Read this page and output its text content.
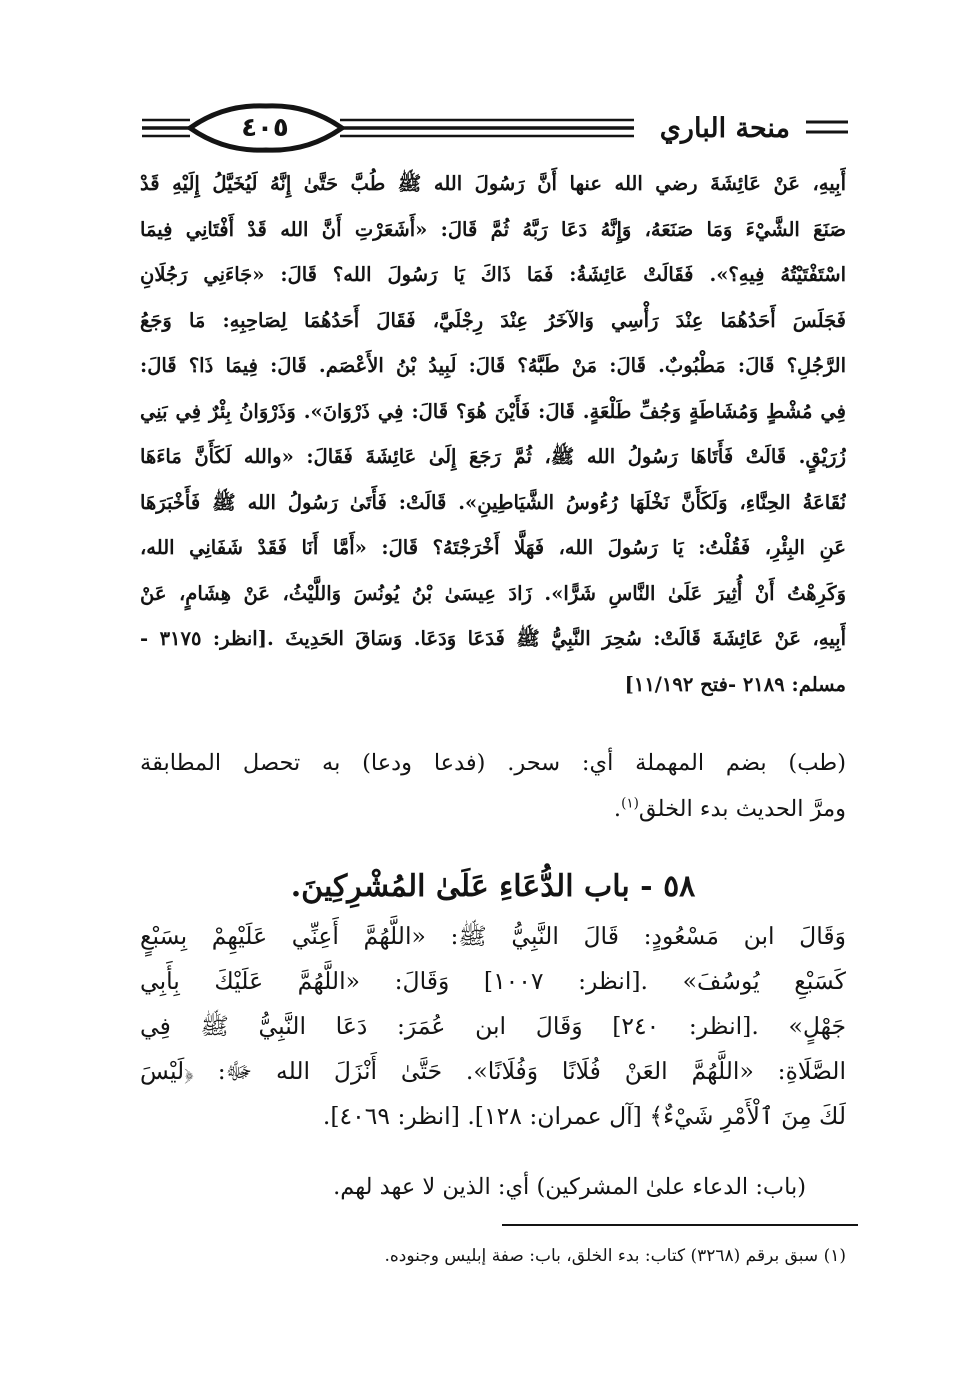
٤٠٥	منحة الباري
أَبِيهِ، عَنْ عَائِشَةَ رضي الله عنها أَنَّ رَسُولَ الله ﷺ طُبَّ حَتَّىٰ إِنَّهُ لَيُخَيَّلُ إِلَيْهِ قَدْ
صَنَعَ الشَّيْءَ وَمَا صَنَعَهُ، وَإِنَّهُ دَعَا رَبَّهُ ثُمَّ قَالَ: «أَشَعَرْتِ أَنَّ الله قَدْ أَفْتَانِي فِيمَا
اسْتَفْتَيْتُهُ فِيهِ؟». فَقَالَتْ عَائِشَةُ: فَمَا ذَاكَ يَا رَسُولَ الله؟ قَالَ: «جَاءَنِي رَجُلَانِ
فَجَلَسَ أَحَدُهُمَا عِنْدَ رَأْسِي وَالآخَرُ عِنْدَ رِجْلَيَّ، فَقَالَ أَحَدُهُمَا لِصَاحِبِهِ: مَا وَجَعُ
الرَّجُلِ؟ قَالَ: مَطْبُوبٌ. قَالَ: مَنْ طَبَّهُ؟ قَالَ: لَبِيدُ بْنُ الأَعْصَم. قَالَ: فِيمَا ذَا؟ قَالَ:
فِي مُشْطٍ وَمُشَاطَةٍ وَجُفِّ طَلْعَةٍ. قَالَ: فَأَيْنَ هُوَ؟ قَالَ: فِي ذَرْوَانَ». وَذَرْوَانُ بِئْرٌ فِي بَنِي
زُرَيْقٍ. قَالَتْ فَأَتَاهَا رَسُولُ الله ﷺ، ثُمَّ رَجَعَ إِلَىٰ عَائِشَةَ فَقَالَ: «والله لَكَأَنَّ مَاءَهَا
نُقَاعَةُ الحِنَّاءِ، وَلَكَأَنَّ نَخْلَهَا رُءُوسُ الشَّيَاطِينِ». قَالَتْ: فَأَتَىٰ رَسُولُ الله ﷺ فَأَخْبَرَهَا
عَنِ البِئْرِ، فَقُلْتُ: يَا رَسُولَ الله، فَهَلَّا أَخْرَجْتَهُ؟ قَالَ: «أَمَّا أَنَا فَقَدْ شَفَانِي الله،
وَكَرِهْتُ أَنْ أُثِيرَ عَلَىٰ النَّاسِ شَرًّا». زَادَ عِيسَىٰ بْنُ يُونُسَ وَاللَّيْثُ، عَنْ هِشَامٍ، عَنْ
أَبِيهِ، عَنْ عَائِشَةَ قَالَتْ: سُحِرَ النَّبِيُّ ﷺ فَدَعَا وَدَعَا. وَسَاقَ الحَدِيثَ .[انظر: ٣١٧٥ -
مسلم: ٢١٨٩ -فتح ١١/١٩٢]
(طب) بضم المهملة أي: سحر. (فدعا ودعا) به تحصل المطابقة
ومرَّ الحديث بدء الخلق$^{(١)}$.
٥٨ - باب الدُّعَاءِ عَلَىٰ المُشْرِكِينَ.
وَقَالَ ابن مَسْعُودٍ: قَالَ النَّبِيُّ ﷺ: «اللَّهُمَّ أَعِنِّي عَلَيْهِمْ بِسَبْعٍ
كَسَبْعِ يُوسُفَ» .[انظر: ١٠٠٧] وَقَالَ: «اللَّهُمَّ عَلَيْكَ بِأَبِي
جَهْلٍ» .[انظر: ٢٤٠] وَقَالَ ابن عُمَرَ: دَعَا النَّبِيُّ ﷺ فِي
الصَّلَاةِ: «اللَّهُمَّ العَنْ فُلَانًا وَفُلَانًا». حَتَّىٰ أَنْزَلَ الله ﷻ: ﴿لَيْسَ
لَكَ مِنَ ٱلْأَمْرِ شَيْءٌ﴾ [آل عمران: ١٢٨]. [انظر: ٤٠٦٩].
(باب: الدعاء علىٰ المشركين) أي: الذين لا عهد لهم.
(١) سبق برقم (٣٢٦٨) كتاب: بدء الخلق، باب: صفة إبليس وجنوده.
